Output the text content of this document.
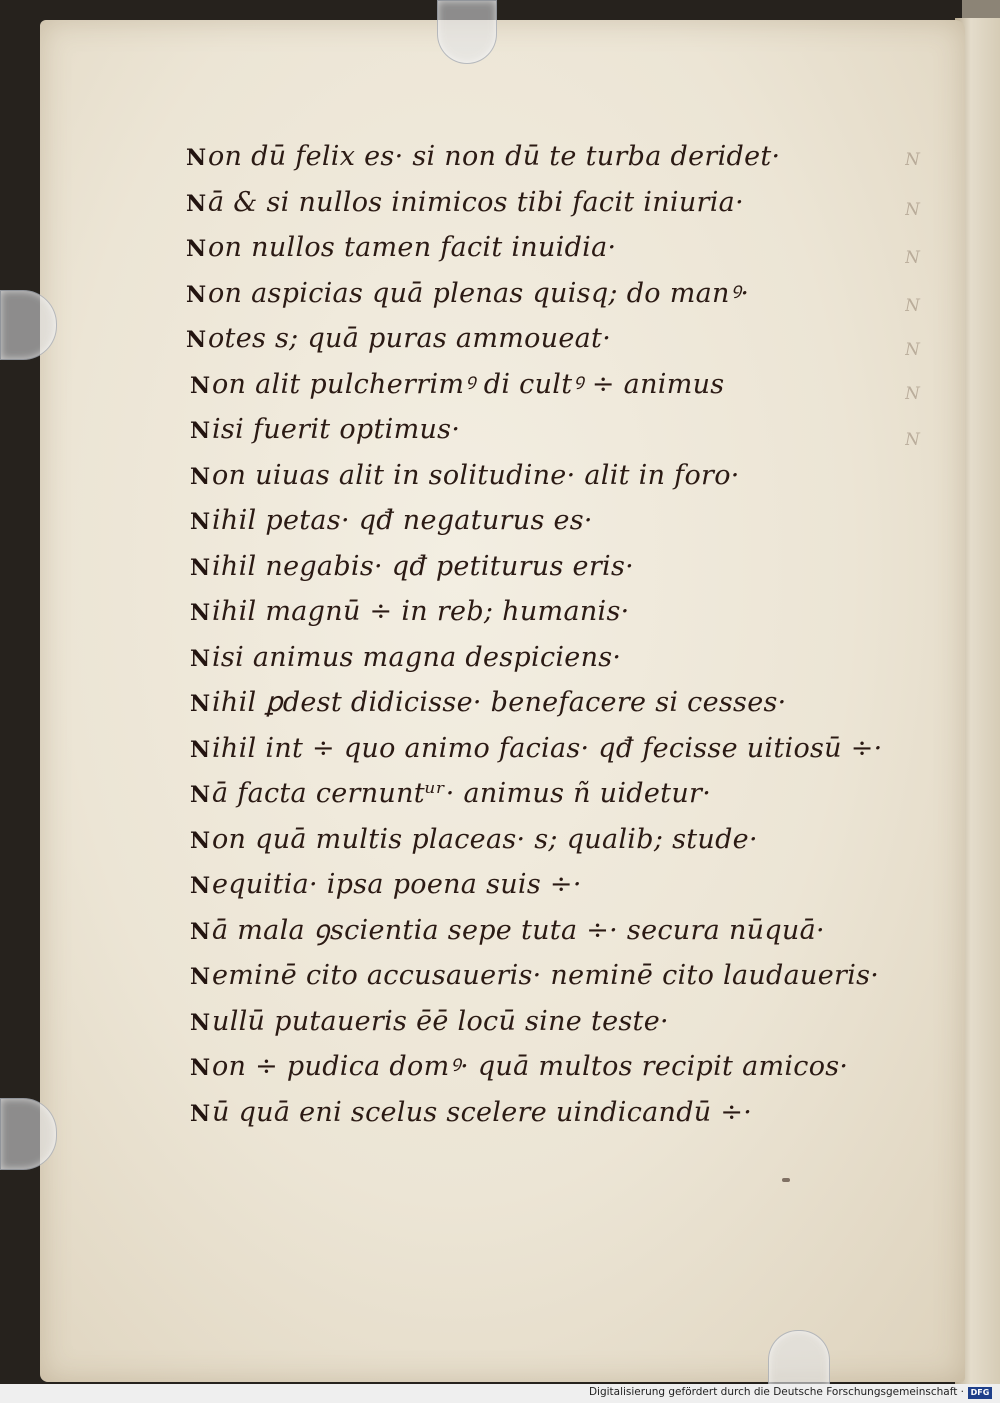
N
N
N
N
N
N
N
Non dū felix es· si non dū te turba deridet·
Nā & si nullos inimicos tibi facit iniuria·
Non nullos tamen facit inuidia·
Non aspicias quā plenas quisq; do manꝰ·
Notes s; quā puras ammoueat·
Non alit pulcherrimꝰ di cultꝰ ÷ animus
Nisi fuerit optimus·
Non uiuas alit in solitudine· alit in foro·
Nihil petas· qđ negaturus es·
Nihil negabis· qđ petiturus eris·
Nihil magnū ÷ in reb; humanis·
Nisi animus magna despiciens·
Nihil ꝑdest didicisse· benefacere si cesses·
Nihil int ÷ quo animo facias· qđ fecisse uitiosū ÷·
Nā facta cernuntᵘʳ· animus ñ uidetur·
Non quā multis placeas· s; qualib; stude·
Nequitia· ipsa poena suis ÷·
Nā mala ꝯscientia sepe tuta ÷· secura nūquā·
Neminē cito accusaueris· neminē cito laudaueris·
Nullū putaueris ēē locū sine teste·
Non ÷ pudica domꝰ· quā multos recipit amicos·
Nū quā eni scelus scelere uindicandū ÷·
Digitalisierung gefördert durch die Deutsche Forschungsgemeinschaft · DFG
